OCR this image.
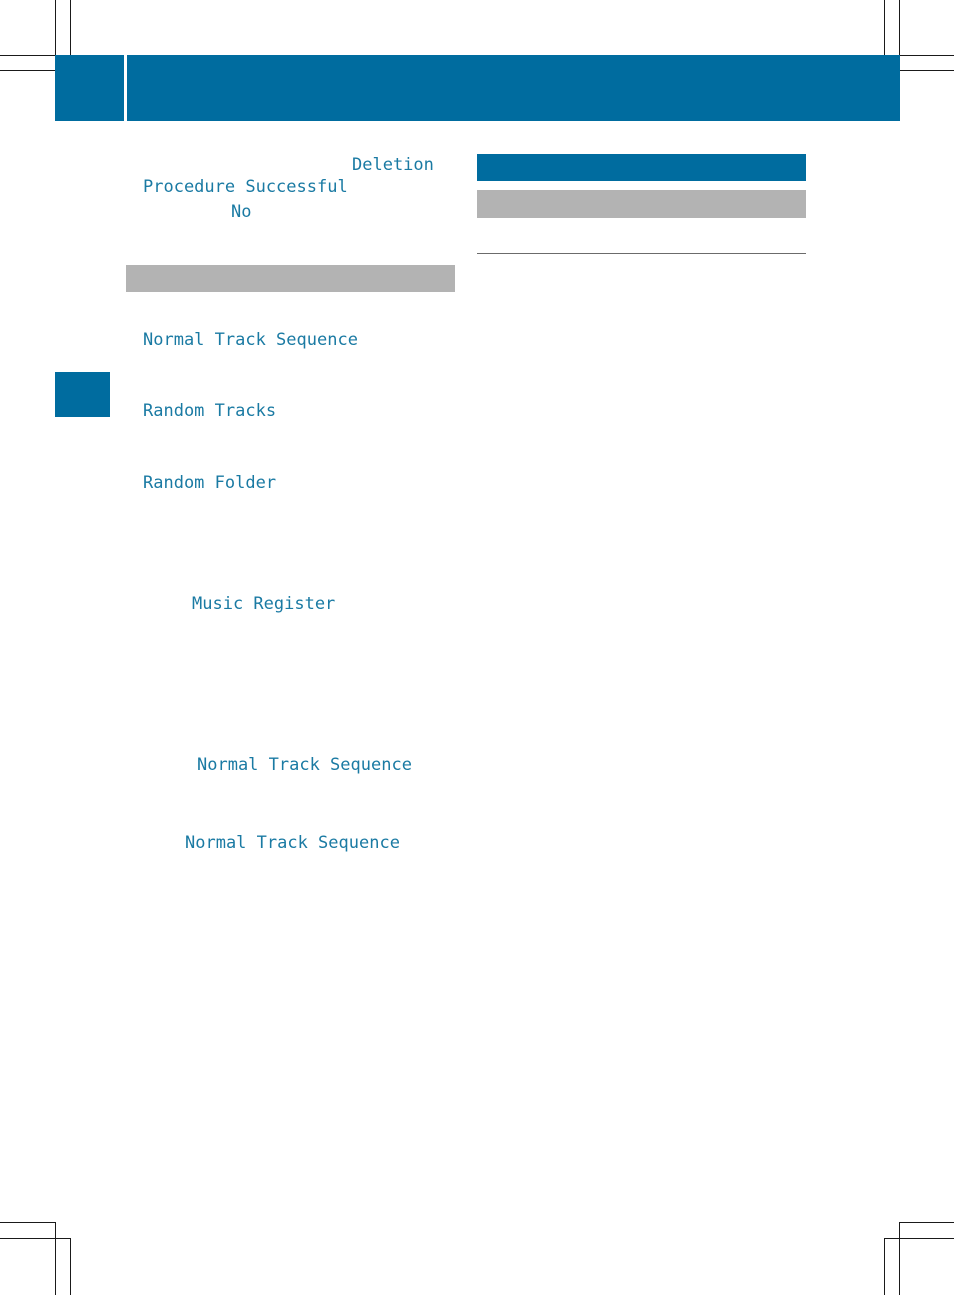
Deletion
Procedure Successful
No
Normal Track Sequence
Random Tracks
Random Folder
Music Register
Normal Track Sequence
Normal Track Sequence
